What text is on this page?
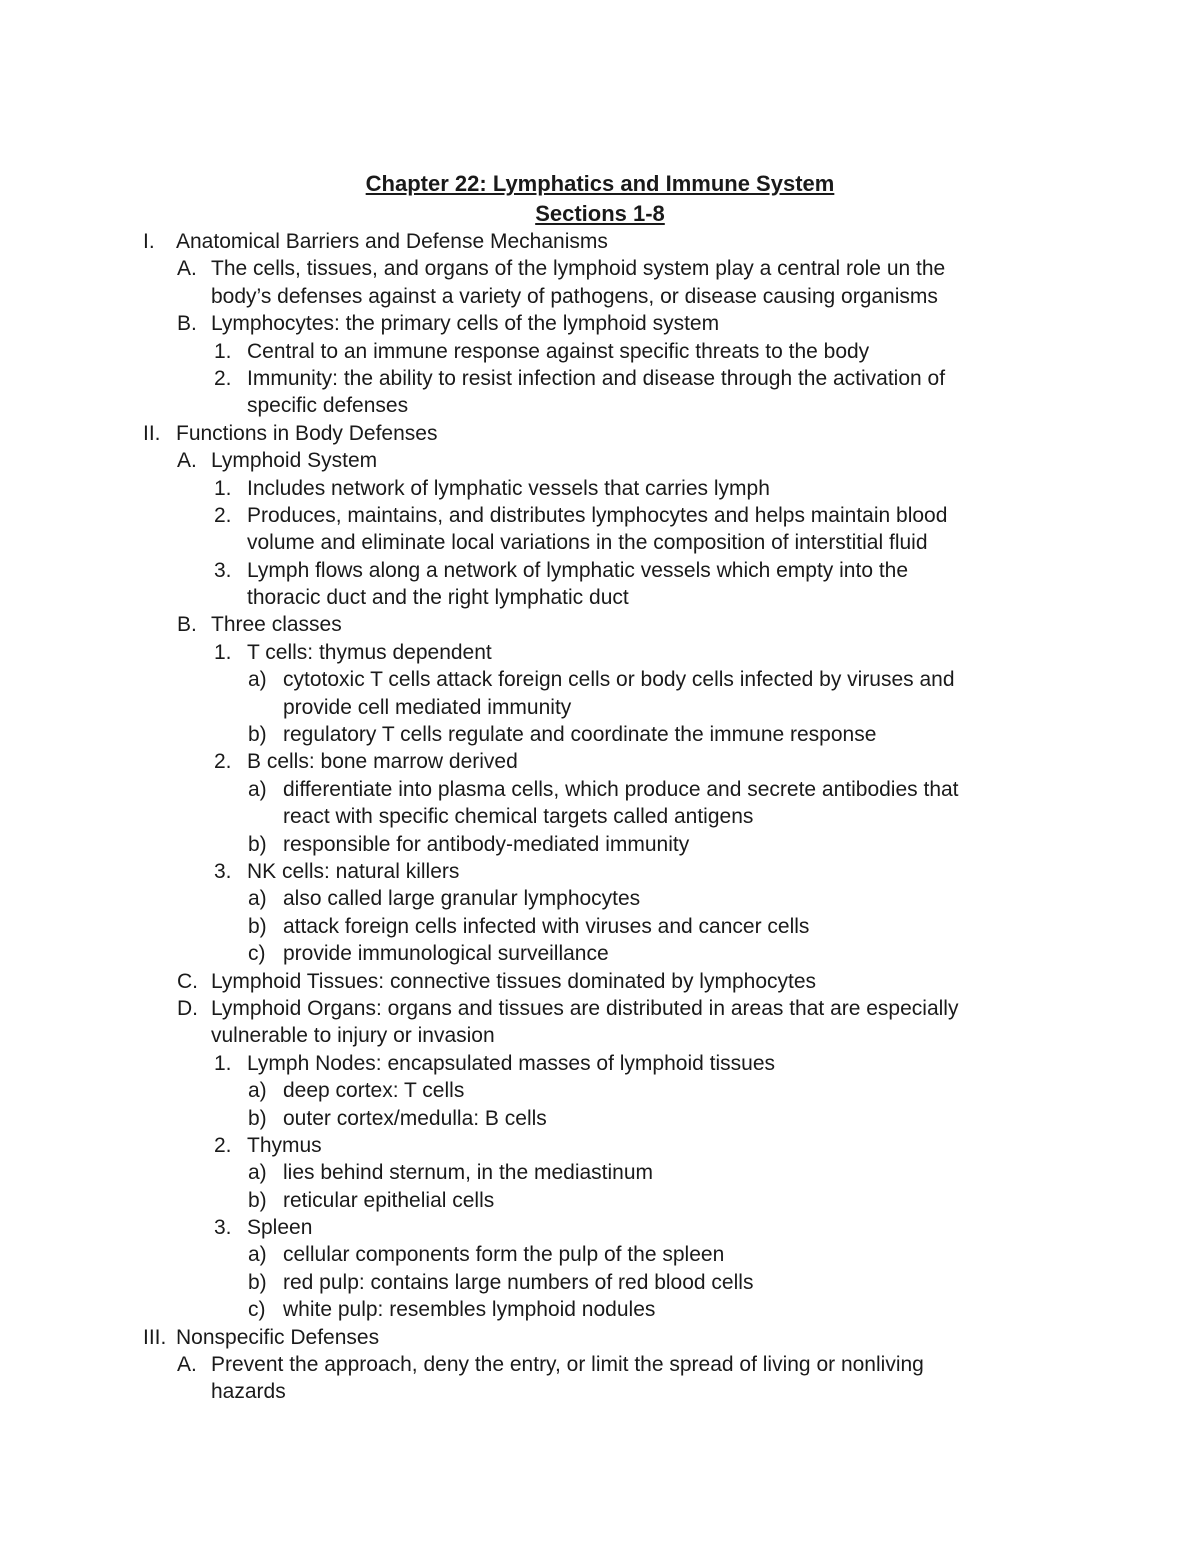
Chapter 22: Lymphatics and Immune System
Sections 1-8
I. Anatomical Barriers and Defense Mechanisms
A. The cells, tissues, and organs of the lymphoid system play a central role un the
body’s defenses against a variety of pathogens, or disease causing organisms
B. Lymphocytes: the primary cells of the lymphoid system
1. Central to an immune response against specific threats to the body
2. Immunity: the ability to resist infection and disease through the activation of
specific defenses
II. Functions in Body Defenses
A. Lymphoid System
1. Includes network of lymphatic vessels that carries lymph
2. Produces, maintains, and distributes lymphocytes and helps maintain blood
volume and eliminate local variations in the composition of interstitial fluid
3. Lymph flows along a network of lymphatic vessels which empty into the
thoracic duct and the right lymphatic duct
B. Three classes
1. T cells: thymus dependent
a) cytotoxic T cells attack foreign cells or body cells infected by viruses and
provide cell mediated immunity
b) regulatory T cells regulate and coordinate the immune response
2. B cells: bone marrow derived
a) differentiate into plasma cells, which produce and secrete antibodies that
react with specific chemical targets called antigens
b) responsible for antibody-mediated immunity
3. NK cells: natural killers
a) also called large granular lymphocytes
b) attack foreign cells infected with viruses and cancer cells
c) provide immunological surveillance
C. Lymphoid Tissues: connective tissues dominated by lymphocytes
D. Lymphoid Organs: organs and tissues are distributed in areas that are especially
vulnerable to injury or invasion
1. Lymph Nodes: encapsulated masses of lymphoid tissues
a) deep cortex: T cells
b) outer cortex/medulla: B cells
2. Thymus
a) lies behind sternum, in the mediastinum
b) reticular epithelial cells
3. Spleen
a) cellular components form the pulp of the spleen
b) red pulp: contains large numbers of red blood cells
c) white pulp: resembles lymphoid nodules
III. Nonspecific Defenses
A. Prevent the approach, deny the entry, or limit the spread of living or nonliving
hazards
